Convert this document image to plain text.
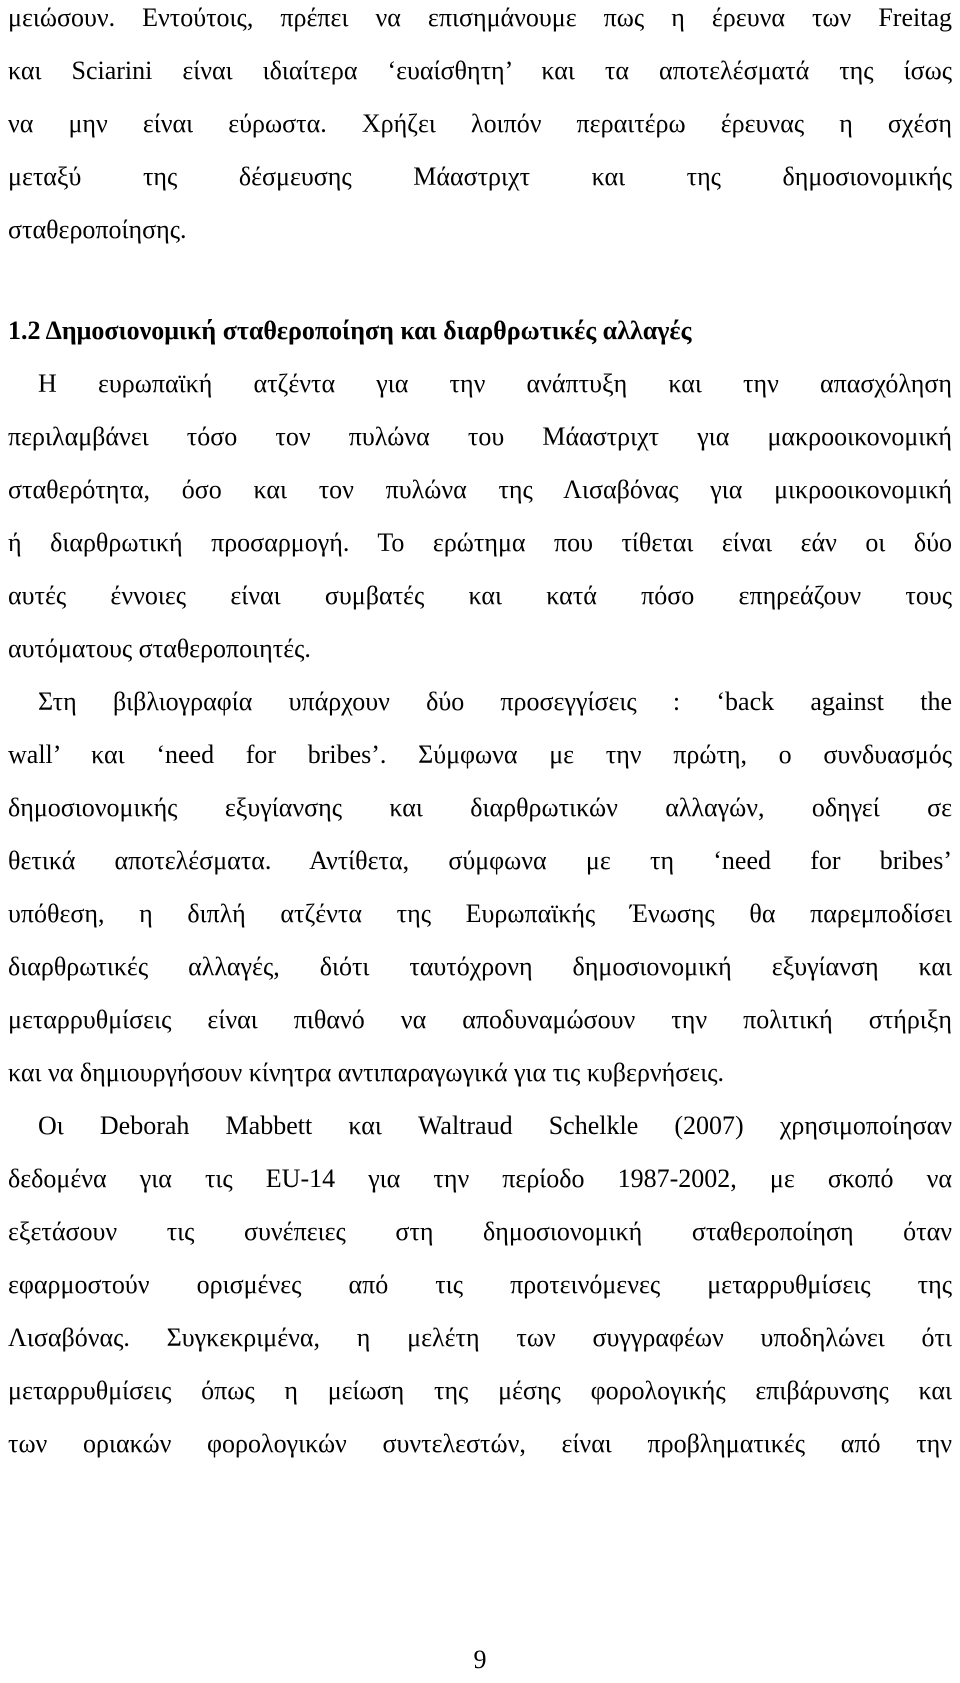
μειώσουν. Εντούτοις, πρέπει να επισημάνουμε πως η έρευνα των Freitag
και Sciarini είναι ιδιαίτερα ‘ευαίσθητη’ και τα αποτελέσματά της ίσως
να μην είναι εύρωστα. Χρήζει λοιπόν περαιτέρω έρευνας η σχέση
μεταξύ της δέσμευσης Μάαστριχτ και της δημοσιονομικής
σταθεροποίησης.
1.2 Δημοσιονομική σταθεροποίηση και διαρθρωτικές αλλαγές
Η ευρωπαϊκή ατζέντα για την ανάπτυξη και την απασχόληση
περιλαμβάνει τόσο τον πυλώνα του Μάαστριχτ για μακροοικονομική
σταθερότητα, όσο και τον πυλώνα της Λισαβόνας για μικροοικονομική
ή διαρθρωτική προσαρμογή. Το ερώτημα που τίθεται είναι εάν οι δύο
αυτές έννοιες είναι συμβατές και κατά πόσο επηρεάζουν τους
αυτόματους σταθεροποιητές.
Στη βιβλιογραφία υπάρχουν δύο προσεγγίσεις : ‘back against the
wall’ και ‘need for bribes’. Σύμφωνα με την πρώτη, ο συνδυασμός
δημοσιονομικής εξυγίανσης και διαρθρωτικών αλλαγών, οδηγεί σε
θετικά αποτελέσματα. Αντίθετα, σύμφωνα με τη ‘need for bribes’
υπόθεση, η διπλή ατζέντα της Ευρωπαϊκής Ένωσης θα παρεμποδίσει
διαρθρωτικές αλλαγές, διότι ταυτόχρονη δημοσιονομική εξυγίανση και
μεταρρυθμίσεις είναι πιθανό να αποδυναμώσουν την πολιτική στήριξη
και να δημιουργήσουν κίνητρα αντιπαραγωγικά για τις κυβερνήσεις.
Οι Deborah Mabbett και Waltraud Schelkle (2007) χρησιμοποίησαν
δεδομένα για τις EU-14 για την περίοδο 1987-2002, με σκοπό να
εξετάσουν τις συνέπειες στη δημοσιονομική σταθεροποίηση όταν
εφαρμοστούν ορισμένες από τις προτεινόμενες μεταρρυθμίσεις της
Λισαβόνας. Συγκεκριμένα, η μελέτη των συγγραφέων υποδηλώνει ότι
μεταρρυθμίσεις όπως η μείωση της μέσης φορολογικής επιβάρυνσης και
των οριακών φορολογικών συντελεστών, είναι προβληματικές από την
9
